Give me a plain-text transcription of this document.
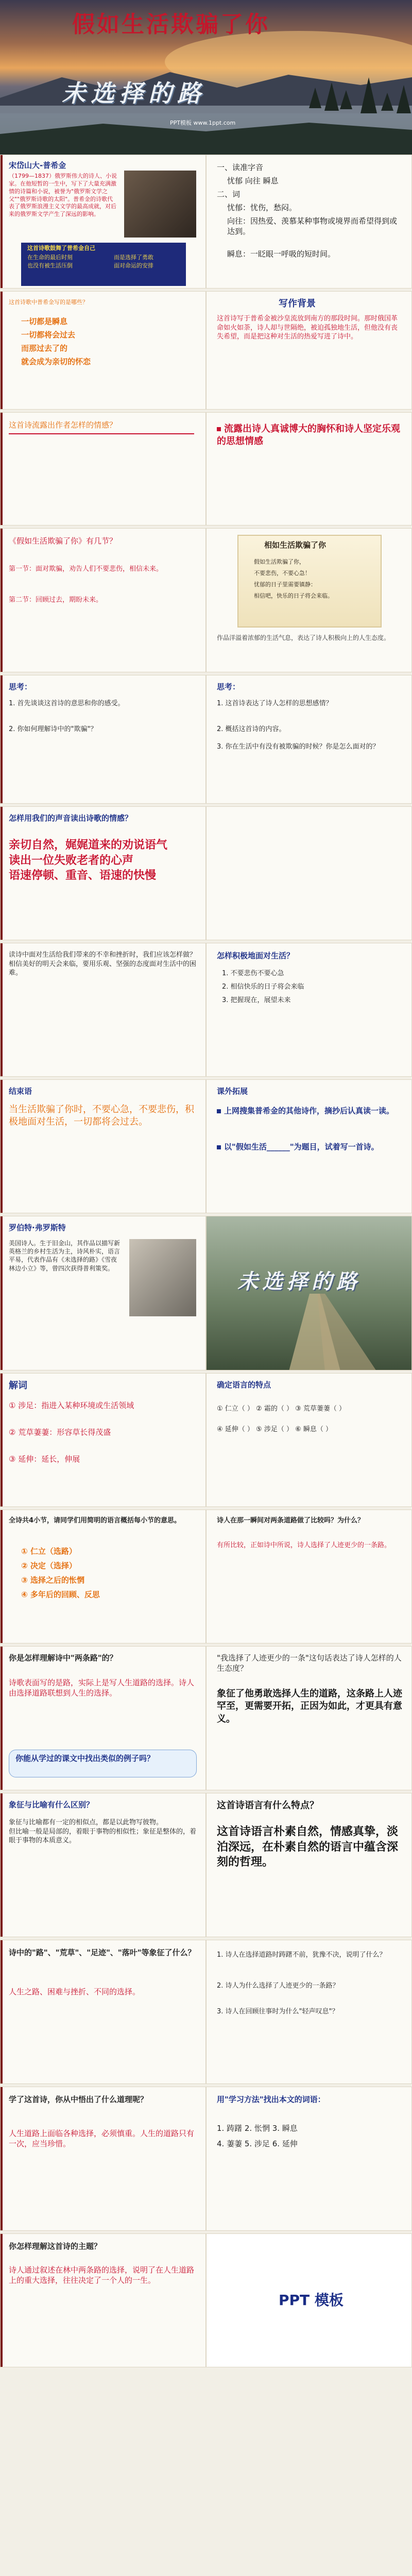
假如生活欺骗了你
未选择的路
PPT模板 www.1ppt.com
宋岱山大-普希金
（1799—1837）俄罗斯伟大的诗人、小说家。在他短暂的一生中，写下了大量充满激情的诗篇和小说，被誉为"俄罗斯文学之父""俄罗斯诗歌的太阳"。普希金的诗歌代表了俄罗斯浪漫主义文学的最高成就，对后来的俄罗斯文学产生了深远的影响。
这首诗歌鼓舞了普希金自己
在生命的最后时刻
也没有被生活压倒
而是选择了勇敢
面对命运的安排
一、读准字音
忧郁 向往 瞬息
二、词
忧郁：忧伤，愁闷。
向往：因热爱、羡慕某种事物或境界而希望得到或达到。
瞬息：一眨眼一呼吸的短时间。
这首诗歌中普希金写的是哪些？
一切都是瞬息
一切都将会过去
而那过去了的
就会成为亲切的怀恋
写作背景
这首诗写于普希金被沙皇流放到南方的那段时间。那时俄国革命如火如荼，诗人却与世隔绝，被迫孤独地生活，但他没有丧失希望，而是把这种对生活的热爱写进了诗中。
这首诗流露出作者怎样的情感？	流露出诗人真诚博大的胸怀和诗人坚定乐观的思想情感
《假如生活欺骗了你》有几节？
第一节：面对欺骗，劝告人们不要悲伤，相信未来。
第二节：回顾过去，期盼未来。
相如生活欺骗了你
假如生活欺骗了你，
不要悲伤，不要心急！
忧郁的日子里需要镇静：
相信吧，快乐的日子将会来临。
作品洋溢着浓郁的生活气息，表达了诗人积极向上的人生态度。
思考：
1. 首先谈谈这首诗的意思和你的感受。
2. 你如何理解诗中的"欺骗"？
思考：
1. 这首诗表达了诗人怎样的思想感情？
2. 概括这首诗的内容。
3. 你在生活中有没有被欺骗的时候？你是怎么面对的？
怎样用我们的声音读出诗歌的情感？
亲切自然，娓娓道来的劝说语气
读出一位失败老者的心声
语速停顿、重音、语速的快慢
读诗中面对生活给我们带来的不幸和挫折时，我们应该怎样做？
相信美好的明天会来临，要用乐观、坚强的态度面对生活中的困难。
怎样积极地面对生活？
1. 不要悲伤不要心急
2. 相信快乐的日子将会来临
3. 把握现在，展望未来
结束语
当生活欺骗了你时，不要心急，不要悲伤，积极地面对生活，一切都将会过去。
课外拓展
上网搜集普希金的其他诗作，摘抄后认真读一读。
以"假如生活______"为题目，试着写一首诗。
罗伯特·弗罗斯特
美国诗人。生于旧金山，其作品以描写新英格兰的乡村生活为主，诗风朴实，语言平易，代表作品有《未选择的路》《雪夜林边小立》等，曾四次获得普利策奖。
未选择的路
解词
① 涉足：指进入某种环境或生活领域
② 荒草萋萋：形容草长得茂盛
③ 延伸：延长，伸展
确定语言的特点
① 仁立（ ） ② 霜的（ ） ③ 荒草萋萋（ ）
④ 延伸（ ） ⑤ 涉足（ ） ⑥ 瞬息（ ）
全诗共4小节，请同学们用简明的语言概括每小节的意思。
① 仁立（选路）
② 决定（选择）
③ 选择之后的怅惘
④ 多年后的回顾、反思
诗人在那一瞬间对两条道路做了比较吗？为什么？
有所比较，正如诗中所说，诗人选择了人迹更少的一条路。
你是怎样理解诗中"两条路"的？
诗歌表面写的是路，实际上是写人生道路的选择。诗人由选择道路联想到人生的选择。
你能从学过的课文中找出类似的例子吗？
"我选择了人迹更少的一条"这句话表达了诗人怎样的人生态度？
象征了他勇敢选择人生的道路，这条路上人迹罕至，更需要开拓，正因为如此，才更具有意义。
象征与比喻有什么区别？
象征与比喻都有一定的相似点，都是以此物写彼物。
但比喻一般是局部的，着眼于事物的相似性；象征是整体的，着眼于事物的本质意义。
这首诗语言有什么特点？
这首诗语言朴素自然，情感真挚，淡泊深远，在朴素自然的语言中蕴含深刻的哲理。
诗中的"路"、"荒草"、"足迹"、"落叶"等象征了什么？
人生之路、困难与挫折、不同的选择。
1. 诗人在选择道路时踌躇不前，犹豫不决，说明了什么？
2. 诗人为什么选择了人迹更少的一条路？
3. 诗人在回顾往事时为什么"轻声叹息"？
学了这首诗，你从中悟出了什么道理呢？
人生道路上面临各种选择，必须慎重。人生的道路只有一次，应当珍惜。
用"学习方法"找出本文的词语：
1. 踌躇 2. 怅惘 3. 瞬息
4. 萋萋 5. 涉足 6. 延伸
你怎样理解这首诗的主题？
诗人通过叙述在林中两条路的选择，说明了在人生道路上的重大选择，往往决定了一个人的一生。
PPT 模板
